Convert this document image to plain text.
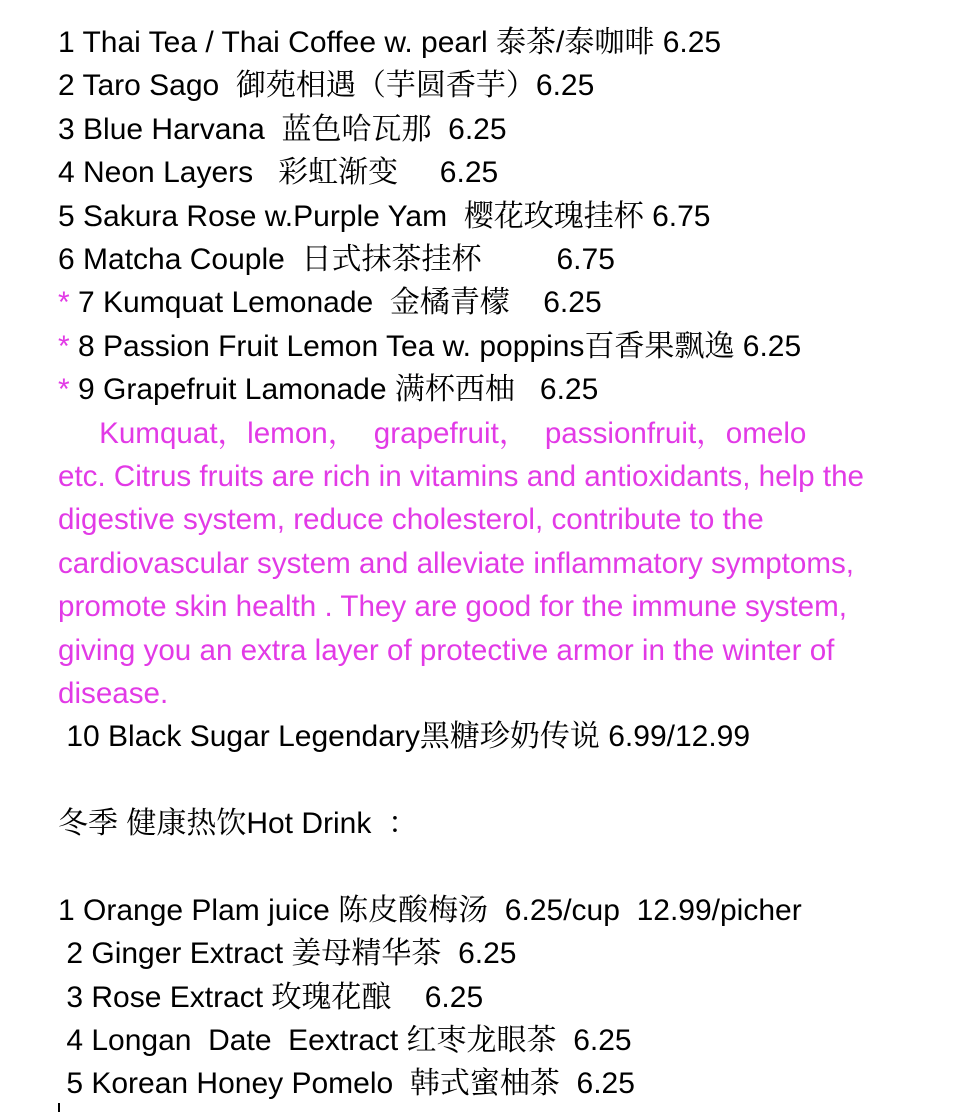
1 Thai Tea / Thai Coffee w. pearl 泰茶/泰咖啡 6.25
2 Taro Sago  御苑相遇（芋圆香芋）6.25
3 Blue Harvana  蓝色哈瓦那  6.25
4 Neon Layers   彩虹渐变     6.25
5 Sakura Rose w.Purple Yam  樱花玫瑰挂杯 6.75
6 Matcha Couple  日式抹茶挂杯         6.75
* 7 Kumquat Lemonade  金橘青檬    6.25
* 8 Passion Fruit Lemon Tea w. poppins百香果飘逸 6.25
* 9 Grapefruit Lamonade 满杯西柚   6.25
Kumquat，lemon，  grapefruit，  passionfruit，omelo
etc. Citrus fruits are rich in vitamins and antioxidants, help the digestive system, reduce cholesterol, contribute to the cardiovascular system and alleviate inflammatory symptoms, promote skin health . They are good for the immune system, giving you an extra layer of protective armor in the winter of disease.
10 Black Sugar Legendary黑糖珍奶传说 6.99/12.99
冬季 健康热饮Hot Drink  ：
1 Orange Plam juice 陈皮酸梅汤  6.25/cup  12.99/picher
2 Ginger Extract 姜母精华茶  6.25
3 Rose Extract 玫瑰花酿    6.25
4 Longan  Date  Eextract 红枣龙眼茶  6.25
5 Korean Honey Pomelo  韩式蜜柚茶  6.25
